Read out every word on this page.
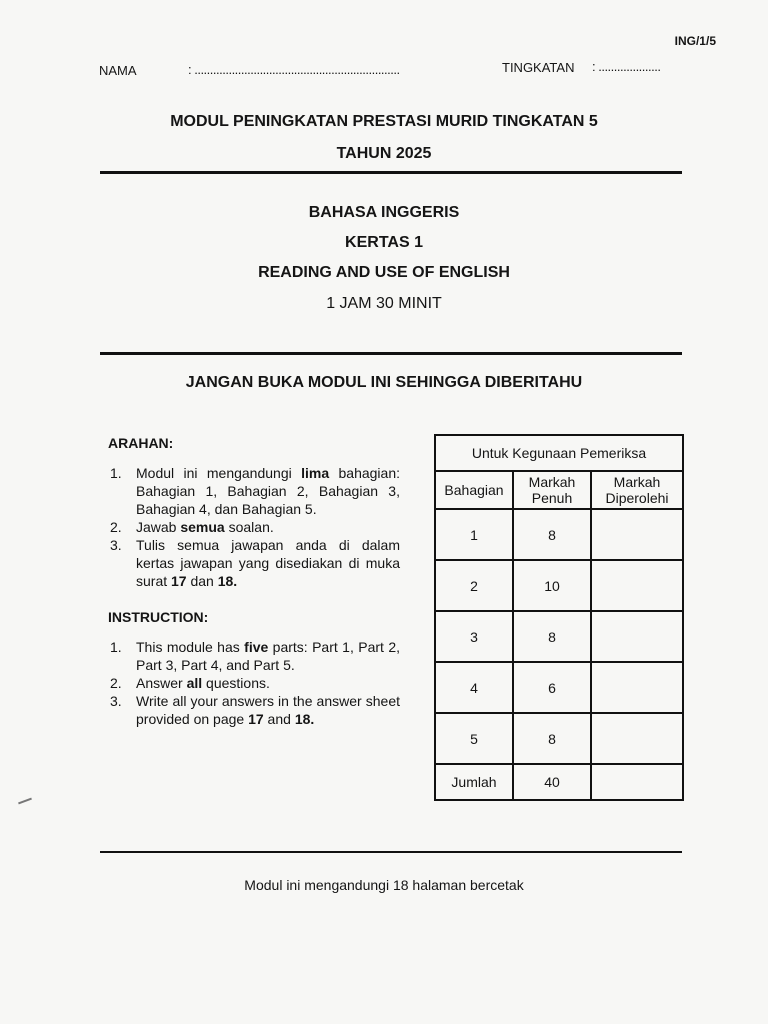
ING/1/5
NAMA	: ..................................................................	TINGKATAN : ....................
MODUL PENINGKATAN PRESTASI MURID TINGKATAN 5
TAHUN 2025
BAHASA INGGERIS
KERTAS 1
READING AND USE OF ENGLISH
1 JAM 30 MINIT
JANGAN BUKA MODUL INI SEHINGGA DIBERITAHU
ARAHAN:
1. Modul ini mengandungi lima bahagian: Bahagian 1, Bahagian 2, Bahagian 3, Bahagian 4, dan Bahagian 5.
2. Jawab semua soalan.
3. Tulis semua jawapan anda di dalam kertas jawapan yang disediakan di muka surat 17 dan 18.
INSTRUCTION:
1. This module has five parts: Part 1, Part 2, Part 3, Part 4, and Part 5.
2. Answer all questions.
3. Write all your answers in the answer sheet provided on page 17 and 18.
Untuk Kegunaan Pemeriksa		
Bahagian	Markah Penuh	Markah Diperolehi
1	8	
2	10	
3	8	
4	6	
5	8	
Jumlah	40	
Modul ini mengandungi 18 halaman bercetak
